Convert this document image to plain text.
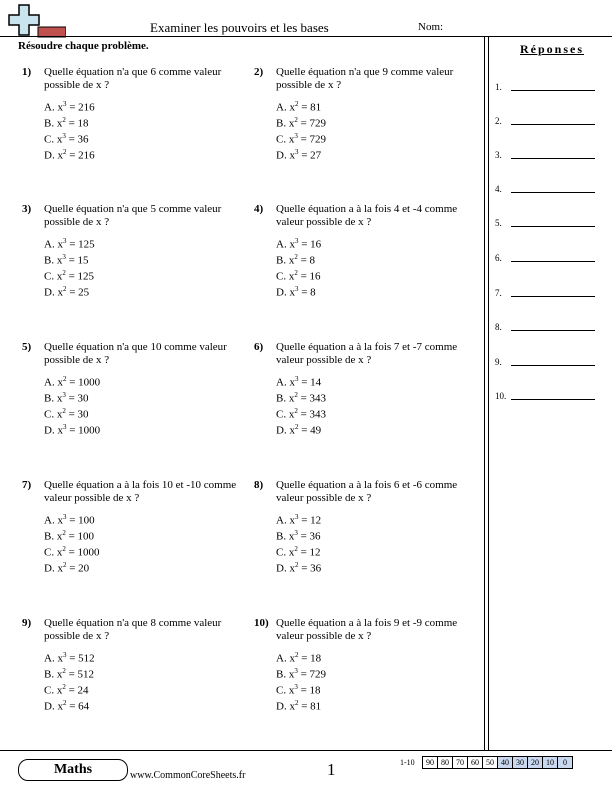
Examiner les pouvoirs et les bases	Nom:
Résoudre chaque problème.	Réponses
1.
2.
3.
4.
5.
6.
7.
8.
9.
10.
1) Quelle équation n'a que 6 comme valeur possible de x ?
A. $x^3 = 216$
B. $x^2 = 18$
C. $x^3 = 36$
D. $x^2 = 216$
2) Quelle équation n'a que 9 comme valeur possible de x ?
A. $x^2 = 81$
B. $x^2 = 729$
C. $x^3 = 729$
D. $x^3 = 27$
3) Quelle équation n'a que 5 comme valeur possible de x ?
A. $x^3 = 125$
B. $x^3 = 15$
C. $x^2 = 125$
D. $x^2 = 25$
4) Quelle équation a à la fois 4 et -4 comme valeur possible de x ?
A. $x^3 = 16$
B. $x^2 = 8$
C. $x^2 = 16$
D. $x^3 = 8$
5) Quelle équation n'a que 10 comme valeur possible de x ?
A. $x^2 = 1000$
B. $x^3 = 30$
C. $x^2 = 30$
D. $x^3 = 1000$
6) Quelle équation a à la fois 7 et -7 comme valeur possible de x ?
A. $x^3 = 14$
B. $x^2 = 343$
C. $x^2 = 343$
D. $x^2 = 49$
7) Quelle équation a à la fois 10 et -10 comme valeur possible de x ?
A. $x^3 = 100$
B. $x^2 = 100$
C. $x^2 = 1000$
D. $x^2 = 20$
8) Quelle équation a à la fois 6 et -6 comme valeur possible de x ?
A. $x^3 = 12$
B. $x^3 = 36$
C. $x^2 = 12$
D. $x^2 = 36$
9) Quelle équation n'a que 8 comme valeur possible de x ?
A. $x^3 = 512$
B. $x^2 = 512$
C. $x^2 = 24$
D. $x^2 = 64$
10) Quelle équation a à la fois 9 et -9 comme valeur possible de x ?
A. $x^2 = 18$
B. $x^3 = 729$
C. $x^3 = 18$
D. $x^2 = 81$
Maths	www.CommonCoreSheets.fr	1	1-10	90 80 70 60 50 40 30 20 10	0
